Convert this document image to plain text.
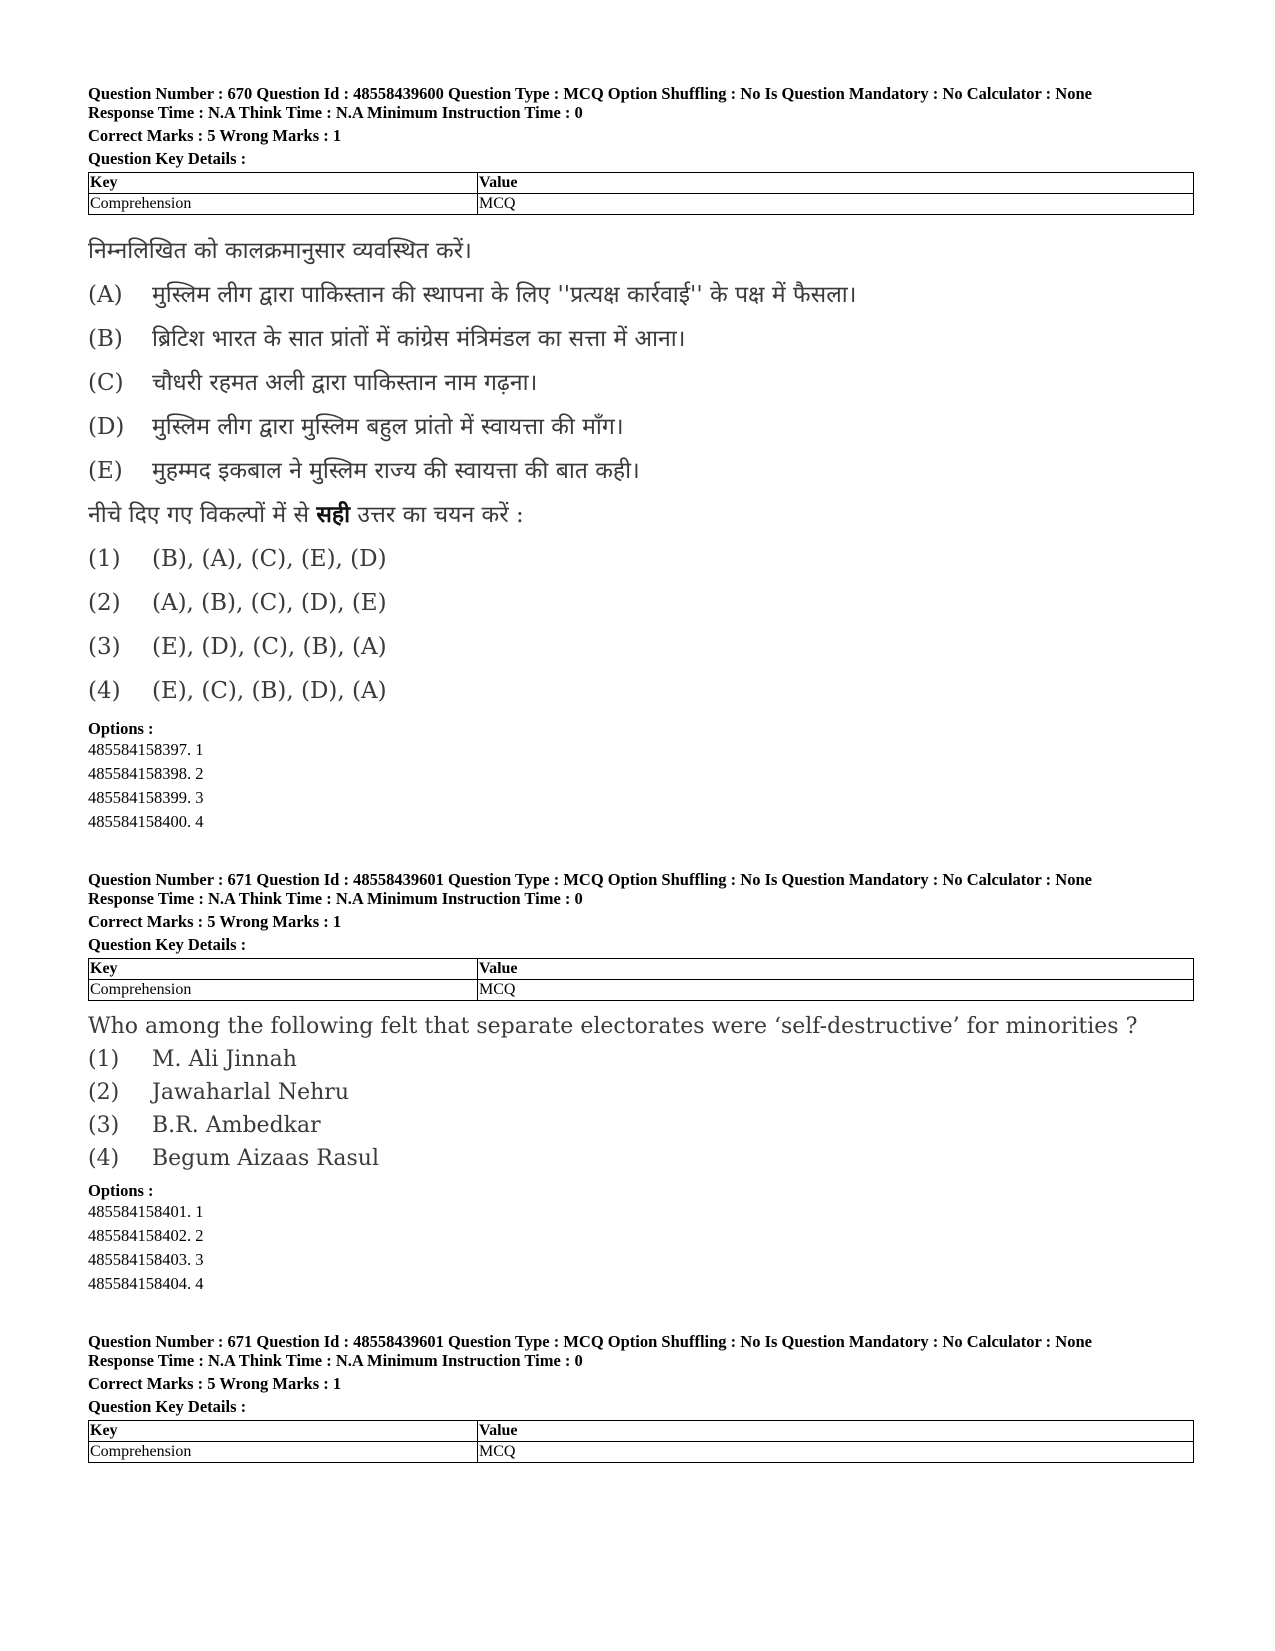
Question Number : 670 Question Id : 48558439600 Question Type : MCQ Option Shuffling : No Is Question Mandatory : No Calculator : None
Response Time : N.A Think Time : N.A Minimum Instruction Time : 0
Correct Marks : 5 Wrong Marks : 1
Question Key Details :
Key	Value
Comprehension	MCQ
निम्नलिखित को कालक्रमानुसार व्यवस्थित करें।
(A)	मुस्लिम लीग द्वारा पाकिस्तान की स्थापना के लिए ''प्रत्यक्ष कार्रवाई'' के पक्ष में फैसला।
(B)	ब्रिटिश भारत के सात प्रांतों में कांग्रेस मंत्रिमंडल का सत्ता में आना।
(C)	चौधरी रहमत अली द्वारा पाकिस्तान नाम गढ़ना।
(D)	मुस्लिम लीग द्वारा मुस्लिम बहुल प्रांतो में स्वायत्ता की माँग।
(E)	मुहम्मद इकबाल ने मुस्लिम राज्य की स्वायत्ता की बात कही।
नीचे दिए गए विकल्पों में से सही उत्तर का चयन करें :
(1)	(B), (A), (C), (E), (D)
(2)	(A), (B), (C), (D), (E)
(3)	(E), (D), (C), (B), (A)
(4)	(E), (C), (B), (D), (A)
Options :
485584158397. 1
485584158398. 2
485584158399. 3
485584158400. 4
Question Number : 671 Question Id : 48558439601 Question Type : MCQ Option Shuffling : No Is Question Mandatory : No Calculator : None
Response Time : N.A Think Time : N.A Minimum Instruction Time : 0
Correct Marks : 5 Wrong Marks : 1
Question Key Details :
Key	Value
Comprehension	MCQ
Who among the following felt that separate electorates were ‘self-destructive’ for minorities ?
(1)	M. Ali Jinnah
(2)	Jawaharlal Nehru
(3)	B.R. Ambedkar
(4)	Begum Aizaas Rasul
Options :
485584158401. 1
485584158402. 2
485584158403. 3
485584158404. 4
Question Number : 671 Question Id : 48558439601 Question Type : MCQ Option Shuffling : No Is Question Mandatory : No Calculator : None
Response Time : N.A Think Time : N.A Minimum Instruction Time : 0
Correct Marks : 5 Wrong Marks : 1
Question Key Details :
Key	Value
Comprehension	MCQ
